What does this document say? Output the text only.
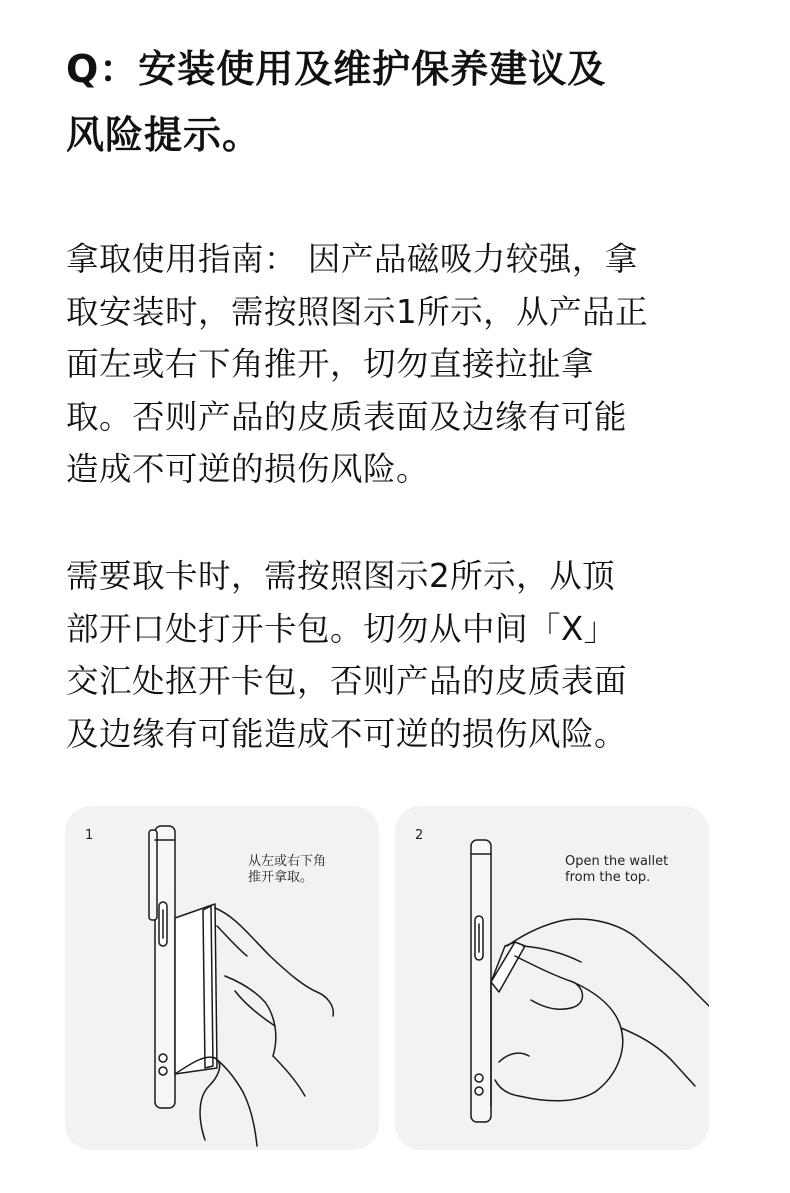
Q：安装使用及维护保养建议及
风险提示。

拿取使用指南： 因产品磁吸力较强，拿
取安装时，需按照图示1所示，从产品正
面左或右下角推开，切勿直接拉扯拿
取。否则产品的皮质表面及边缘有可能
造成不可逆的损伤风险。

需要取卡时，需按照图示2所示，从顶
部开口处打开卡包。切勿从中间「X」
交汇处抠开卡包，否则产品的皮质表面
及边缘有可能造成不可逆的损伤风险。

1
从左或右下角
推开拿取。
2
Open the wallet
from the top.
